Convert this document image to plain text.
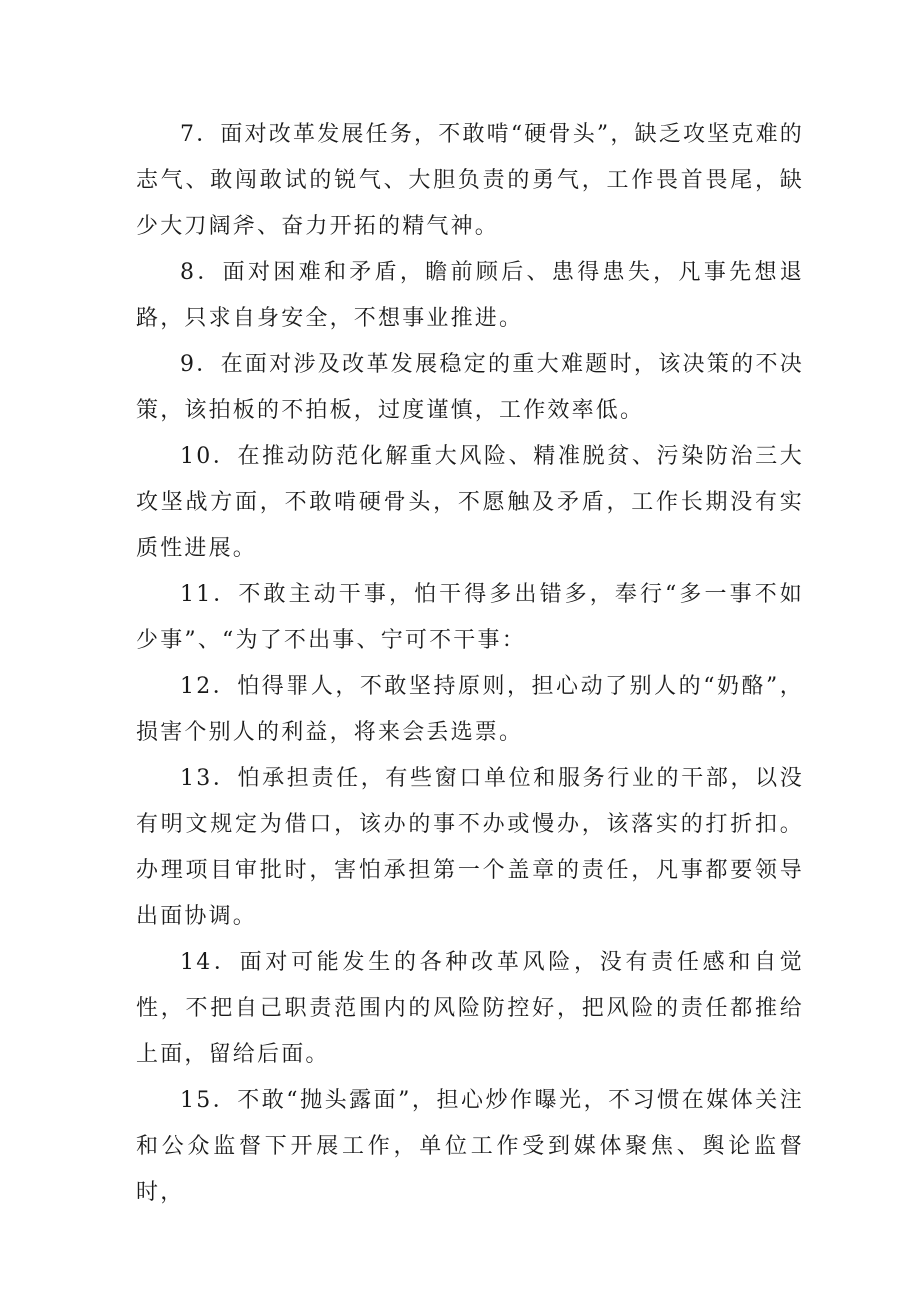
7．面对改革发展任务，不敢啃“硬骨头”，缺乏攻坚克难的志气、敢闯敢试的锐气、大胆负责的勇气，工作畏首畏尾，缺少大刀阔斧、奋力开拓的精气神。

8．面对困难和矛盾，瞻前顾后、患得患失，凡事先想退路，只求自身安全，不想事业推进。

9．在面对涉及改革发展稳定的重大难题时，该决策的不决策，该拍板的不拍板，过度谨慎，工作效率低。

10．在推动防范化解重大风险、精准脱贫、污染防治三大攻坚战方面，不敢啃硬骨头，不愿触及矛盾，工作长期没有实质性进展。

11．不敢主动干事，怕干得多出错多，奉行“多一事不如少事”、“为了不出事、宁可不干事：

12．怕得罪人，不敢坚持原则，担心动了别人的“奶酪”，损害个别人的利益，将来会丢选票。

13．怕承担责任，有些窗口单位和服务行业的干部，以没有明文规定为借口，该办的事不办或慢办，该落实的打折扣。办理项目审批时，害怕承担第一个盖章的责任，凡事都要领导出面协调。

14．面对可能发生的各种改革风险，没有责任感和自觉性，不把自己职责范围内的风险防控好，把风险的责任都推给上面，留给后面。

15．不敢“抛头露面”，担心炒作曝光，不习惯在媒体关注和公众监督下开展工作，单位工作受到媒体聚焦、舆论监督时，
